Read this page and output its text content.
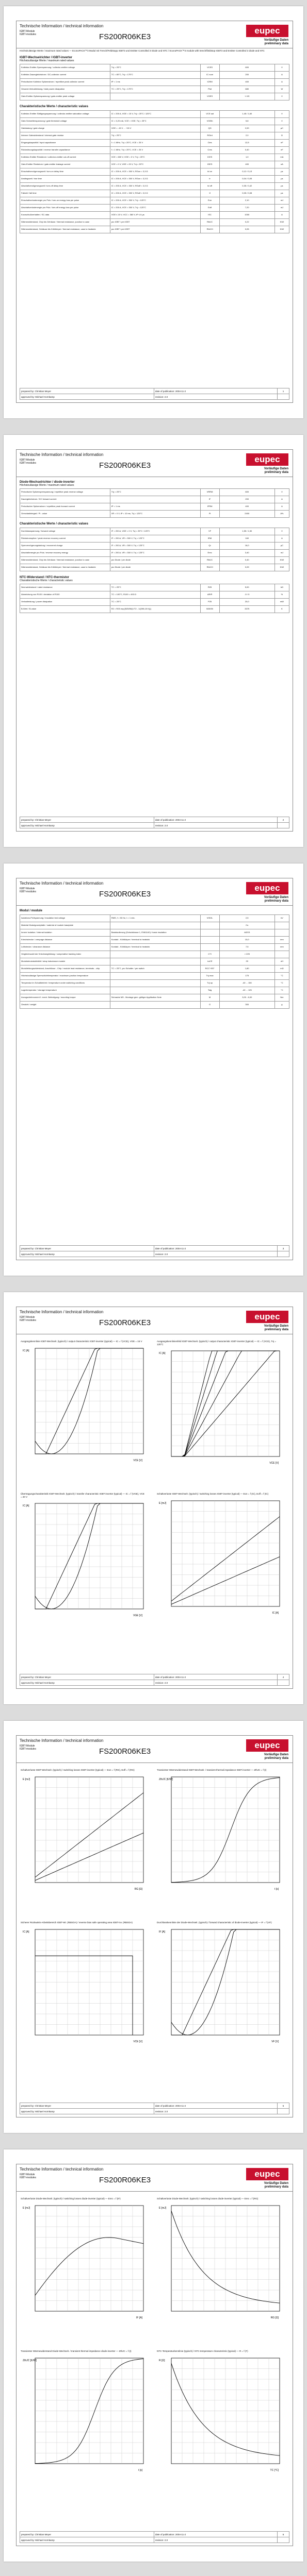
Technische Information / technical information
IGBT-Module
IGBT-modules	FS200R06KE3
eupec
Vorläufige Daten
preliminary data
Höchstzulässige Werte / maximum rated values — EconoPACK™3 Modul mit Trench/Feldstopp IGBT3 und Emitter Controlled 3 Diode und NTC / EconoPACK™3 module with trench/fieldstop IGBT3 and Emitter Controlled 3 diode and NTC
IGBT-Wechselrichter / IGBT-inverter
Höchstzulässige Werte / maximum rated values
Kollektor-Emitter-Sperrspannung / collector-emitter voltage	Tvj = 25°C	VCES	600	V
Kollektor-Dauergleichstrom / DC-collector current	TC = 80°C, Tvj = 175°C	IC nom	200	A
Periodischer Kollektor Spitzenstrom / repetitive peak collector current	tP = 1 ms	ICRM	400	A
Gesamt-Verlustleistung / total power dissipation	TC = 25°C, Tvj = 175°C	Ptot	680	W
Gate-Emitter-Spitzenspannung / gate-emitter peak voltage		VGES	+/-20	V
Charakteristische Werte / characteristic values
Kollektor-Emitter Sättigungsspannung / collector-emitter saturation voltage	IC = 200 A, VGE = 15 V, Tvj = 25°C / 125°C	VCE sat	1,45 / 1,60	V
Gate-Schwellenspannung / gate threshold voltage	IC = 3,20 mA, VCE = VGE, Tvj = 25°C	VGEth	5,8	V
Gateladung / gate charge	VGE = -15 V ... +15 V	QG	2,00	µC
Interner Gatewiderstand / internal gate resistor	Tvj = 25°C	RGint	2,0	Ω
Eingangskapazität / input capacitance	f = 1 MHz, Tvj = 25°C, VCE = 25 V	Cies	12,5	nF
Rückwirkungskapazität / reverse transfer capacitance	f = 1 MHz, Tvj = 25°C, VCE = 25 V	Cres	0,40	nF
Kollektor-Emitter Reststrom / collector-emitter cut-off current	VCE = 600 V, VGE = 0 V, Tvj = 25°C	ICES	1,0	mA
Gate-Emitter Reststrom / gate-emitter leakage current	VCE = 0 V, VGE = 20 V, Tvj = 25°C	IGES	400	nA
Einschaltverzögerungszeit / turn-on delay time	IC = 200 A, VCE = 300 V, RGon = 3,3 Ω	td on	0,12 / 0,13	µs
Anstiegszeit / rise time	IC = 200 A, VCE = 300 V, RGon = 3,3 Ω	tr	0,04 / 0,05	µs
Abschaltverzögerungszeit / turn-off delay time	IC = 200 A, VCE = 300 V, RGoff = 3,3 Ω	td off	0,35 / 0,42	µs
Fallzeit / fall time	IC = 200 A, VCE = 300 V, RGoff = 3,3 Ω	tf	0,05 / 0,08	µs
Einschaltverlustenergie pro Puls / turn-on energy loss per pulse	IC = 200 A, VCE = 300 V, Tvj = 125°C	Eon	2,10	mJ
Abschaltverlustenergie pro Puls / turn-off energy loss per pulse	IC = 200 A, VCE = 300 V, Tvj = 125°C	Eoff	7,20	mJ
Kurzschlußverhalten / SC data	VGE ≤ 15 V, VCC = 360 V, tP ≤ 6 µs	ISC	1000	A
Wärmewiderstand, Chip bis Gehäuse / thermal resistance, junction to case	pro IGBT / per IGBT	RthJC	0,22	K/W
Wärmewiderstand, Gehäuse bis Kühlkörper / thermal resistance, case to heatsink	pro IGBT / per IGBT	RthCH	0,05	K/W
prepared by: Christian Meyer	date of publication: 2004-11-2	1
approved by: Michael Hornkamp	revision: 2.0	
Technische Information / technical information
IGBT-Module
IGBT-modules	FS200R06KE3
eupec
Vorläufige Daten
preliminary data
Diode-Wechselrichter / diode-inverter
Höchstzulässige Werte / maximum rated values
Periodische Spitzensperrspannung / repetitive peak reverse voltage	Tvj = 25°C	VRRM	600	V
Dauergleichstrom / DC forward current		IF	200	A
Periodischer Spitzenstrom / repetitive peak forward current	tP = 1 ms	IFRM	400	A
Grenzlastintegral / I²t - value	VR = 0 V, tP = 10 ms, Tvj = 125°C	I²t	2400	A²s
Charakteristische Werte / characteristic values
Durchlassspannung / forward voltage	IF = 200 A, VGE = 0 V, Tvj = 25°C / 125°C	VF	1,55 / 1,50	V
Rückstromspitze / peak reverse recovery current	IF = 200 A, VR = 300 V, Tvj = 125°C	IRM	160	A
Sperrverzögerungsladung / recovered charge	IF = 200 A, VR = 300 V, Tvj = 125°C	Qr	16,0	µC
Abschaltenergie pro Puls / reverse recovery energy	IF = 200 A, VR = 300 V, Tvj = 125°C	Erec	3,40	mJ
Wärmewiderstand, Chip bis Gehäuse / thermal resistance, junction to case	pro Diode / per diode	RthJC	0,40	K/W
Wärmewiderstand, Gehäuse bis Kühlkörper / thermal resistance, case to heatsink	pro Diode / per diode	RthCH	0,09	K/W
NTC-Widerstand / NTC-thermistor
Charakteristische Werte / characteristic values
Nennwiderstand / rated resistance	TC = 25°C	R25	5,00	kΩ
Abweichung von R100 / deviation of R100	TC = 100°C, R100 = 493 Ω	ΔR/R	-5 / 5	%
Verlustleistung / power dissipation	TC = 25°C	P25	20,0	mW
B-Wert / B-value	R2 = R25 exp [B25/50(1/T2 - 1/(298,15 K))]	B25/50	3375	K
prepared by: Christian Meyer	date of publication: 2004-11-2	2
approved by: Michael Hornkamp	revision: 2.0	
Technische Information / technical information
IGBT-Module
IGBT-modules	FS200R06KE3
eupec
Vorläufige Daten
preliminary data
Modul / module
Isolations-Prüfspannung / insulation test voltage	RMS, f = 50 Hz, t = 1 min.	VISOL	2,5	kV
Material Modulgrundplatte / material of module baseplate			Cu	
Innere Isolation / internal isolation	Basisisolierung (Schutzklasse 1, EN61140) / basic insulation		Al2O3	
Kriechstrecke / creepage distance	Kontakt - Kühlkörper / terminal to heatsink		10,0	mm
Luftstrecke / clearance distance	Kontakt - Kühlkörper / terminal to heatsink		7,5	mm
Vergleichszahl der Kriechwegbildung / comperative tracking index		CTI	> 225	
Modulstreuinduktivität / stray inductance module		LsCE	20	nH
Modulleitungswiderstand, Anschlüsse - Chip / module lead resistance, terminals - chip	TC = 25°C, pro Schalter / per switch	RCC'+EE'	1,80	mΩ
Höchstzulässige Sperrschichttemperatur / maximum junction temperature		Tvj max	175	°C
Temperatur im Schaltbetrieb / temperature under switching conditions		Tvj op	-40 ... 150	°C
Lagertemperatur / storage temperature		Tstg	-40 ... 125	°C
Anzugsdrehmoment f. mech. Befestigung / mounting torque	Schraube M5 - Montage gem. gültiger Applikation Note	M	3,00 - 6,00	Nm
Gewicht / weight		G	300	g
prepared by: Christian Meyer	date of publication: 2004-11-2	3
approved by: Michael Hornkamp	revision: 2.0	
Technische Information / technical information
IGBT-Module
IGBT-modules	FS200R06KE3
eupec
Vorläufige Daten
preliminary data
Ausgangskennlinie IGBT-Wechselr. (typisch) / output characteristic IGBT-inverter (typical) — IC = f (VCE), VGE = 15 V
VCE [V]
IC [A]
Ausgangskennlinienfeld IGBT-Wechselr. (typisch) / output characteristic IGBT-inverter (typical) — IC = f (VCE), Tvj = 125°C
VCE [V]
IC [A]
Übertragungscharakteristik IGBT-Wechselr. (typisch) / transfer characteristic IGBT-inverter (typical) — IC = f (VGE), VCE = 20 V
VGE [V]
IC [A]
Schaltverluste IGBT-Wechselr. (typisch) / switching losses IGBT-inverter (typical) — Eon = f (IC), Eoff = f (IC)
IC [A]
E [mJ]
prepared by: Christian Meyer	date of publication: 2004-11-2	4
approved by: Michael Hornkamp	revision: 2.0	
Technische Information / technical information
IGBT-Module
IGBT-modules	FS200R06KE3
eupec
Vorläufige Daten
preliminary data
Schaltverluste IGBT-Wechselr. (typisch) / switching losses IGBT-inverter (typical) — Eon = f (RG), Eoff = f (RG)
RG [Ω]
E [mJ]
Transienter Wärmewiderstand IGBT-Wechselr. / transient thermal impedance IGBT-inverter — ZthJC = f (t)
t [s]
ZthJC [K/W]
Sicherer Rückwärts-Arbeitsbereich IGBT-Wr. (RBSOA) / reverse bias safe operating area IGBT-inv. (RBSOA)
VCE [V]
IC [A]
Durchlasskennlinie der Diode-Wechselr. (typisch) / forward characteristic of diode-inverter (typical) — IF = f (VF)
VF [V]
IF [A]
prepared by: Christian Meyer	date of publication: 2004-11-2	5
approved by: Michael Hornkamp	revision: 2.0	
Technische Information / technical information
IGBT-Module
IGBT-modules	FS200R06KE3
eupec
Vorläufige Daten
preliminary data
Schaltverluste Diode-Wechselr. (typisch) / switching losses diode-inverter (typical) — Erec = f (IF)
IF [A]
E [mJ]
Schaltverluste Diode-Wechselr. (typisch) / switching losses diode-inverter (typical) — Erec = f (RG)
RG [Ω]
E [mJ]
Transienter Wärmewiderstand Diode-Wechselr. / transient thermal impedance diode-inverter — ZthJC = f (t)
t [s]
ZthJC [K/W]
NTC-Temperaturkennlinie (typisch) / NTC-temperature characteristic (typical) — R = f (T)
TC [°C]
R [Ω]
prepared by: Christian Meyer	date of publication: 2004-11-2	6
approved by: Michael Hornkamp	revision: 2.0	
